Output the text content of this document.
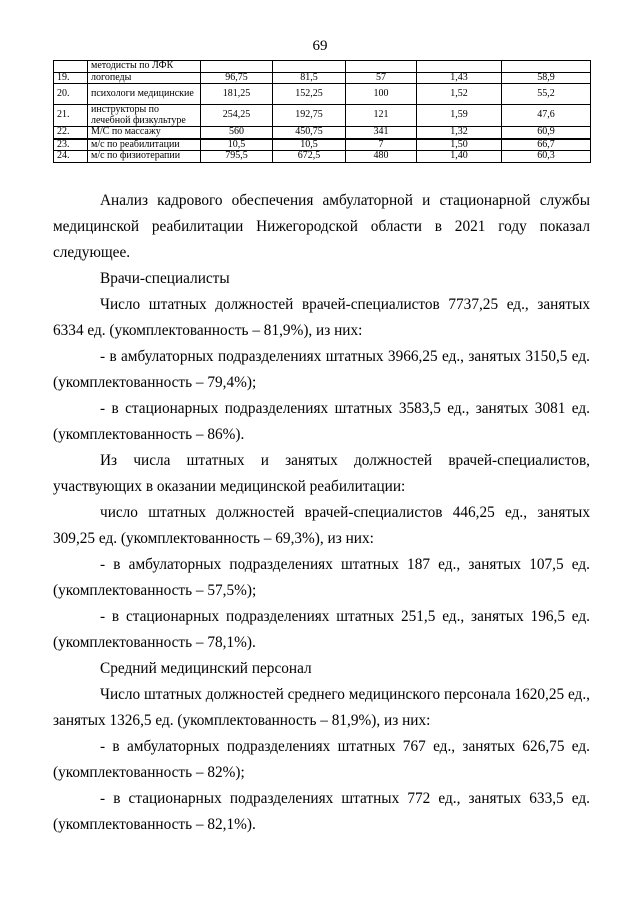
69
	методисты по ЛФК					
19.	логопеды	96,75	81,5	57	1,43	58,9
20.	психологи медицинские	181,25	152,25	100	1,52	55,2
21.	инструкторы по лечебной физкультуре	254,25	192,75	121	1,59	47,6
22.	М/С по массажу	560	450,75	341	1,32	60,9
23.	м/с по реабилитации	10,5	10,5	7	1,50	66,7
24.	м/с по физиотерапии	795,5	672,5	480	1,40	60,3

Анализ кадрового обеспечения амбулаторной и стационарной службы медицинской реабилитации Нижегородской области в 2021 году показал следующее.

Врачи-специалисты

Число штатных должностей врачей-специалистов 7737,25 ед., занятых 6334 ед. (укомплектованность – 81,9%), из них:

- в амбулаторных подразделениях штатных 3966,25 ед., занятых 3150,5 ед. (укомплектованность – 79,4%);

- в стационарных подразделениях штатных 3583,5 ед., занятых 3081 ед. (укомплектованность – 86%).

Из числа штатных и занятых должностей врачей-специалистов, участвующих в оказании медицинской реабилитации:

число штатных должностей врачей-специалистов 446,25 ед., занятых 309,25 ед. (укомплектованность – 69,3%), из них:

- в амбулаторных подразделениях штатных 187 ед., занятых 107,5 ед. (укомплектованность – 57,5%);

- в стационарных подразделениях штатных 251,5 ед., занятых 196,5 ед. (укомплектованность – 78,1%).

Средний медицинский персонал

Число штатных должностей среднего медицинского персонала 1620,25 ед., занятых 1326,5 ед. (укомплектованность – 81,9%), из них:

- в амбулаторных подразделениях штатных 767 ед., занятых 626,75 ед. (укомплектованность – 82%);

- в стационарных подразделениях штатных 772 ед., занятых 633,5 ед. (укомплектованность – 82,1%).
